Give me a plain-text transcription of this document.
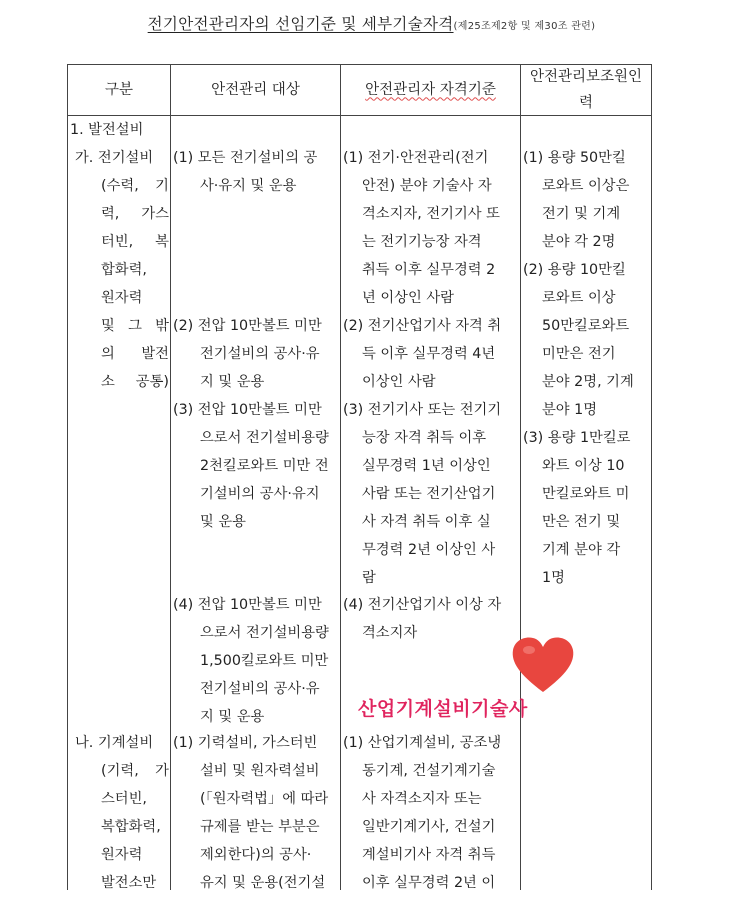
전기안전관리자의 선임기준 및 세부기술자격(제25조제2항 및 제30조 관련)
구분	안전관리 대상	안전관리자 자격기준
안전관리보조원인력
1. 발전설비
가. 전기설비
(수력, 기
력, 가스
터빈, 복
합화력,
원자력
및 그 밖
의 발전
소 공통)
나. 기계설비
(기력, 가
스터빈,
복합화력,
원자력
발전소만
(1) 모든 전기설비의 공
사·유지 및 운용
(2) 전압 10만볼트 미만
전기설비의 공사·유
지 및 운용
(3) 전압 10만볼트 미만
으로서 전기설비용량
2천킬로와트 미만 전
기설비의 공사·유지
및 운용
(4) 전압 10만볼트 미만
으로서 전기설비용량
1,500킬로와트 미만
전기설비의 공사·유
지 및 운용
(1) 기력설비, 가스터빈
설비 및 원자력설비
(「원자력법」에 따라
규제를 받는 부분은
제외한다)의 공사·
유지 및 운용(전기설
(1) 전기·안전관리(전기
안전) 분야 기술사 자
격소지자, 전기기사 또
는 전기기능장 자격
취득 이후 실무경력 2
년 이상인 사람
(2) 전기산업기사 자격 취
득 이후 실무경력 4년
이상인 사람
(3) 전기기사 또는 전기기
능장 자격 취득 이후
실무경력 1년 이상인
사람 또는 전기산업기
사 자격 취득 이후 실
무경력 2년 이상인 사
람
(4) 전기산업기사 이상 자
격소지자
(1) 산업기계설비, 공조냉
동기계, 건설기계기술
사 자격소지자 또는
일반기계기사, 건설기
계설비기사 자격 취득
이후 실무경력 2년 이
(1) 용량 50만킬
로와트 이상은
전기 및 기계
분야 각 2명
(2) 용량 10만킬
로와트 이상
50만킬로와트
미만은 전기
분야 2명, 기계
분야 1명
(3) 용량 1만킬로
와트 이상 10
만킬로와트 미
만은 전기 및
기계 분야 각
1명
산업기계설비기술사
